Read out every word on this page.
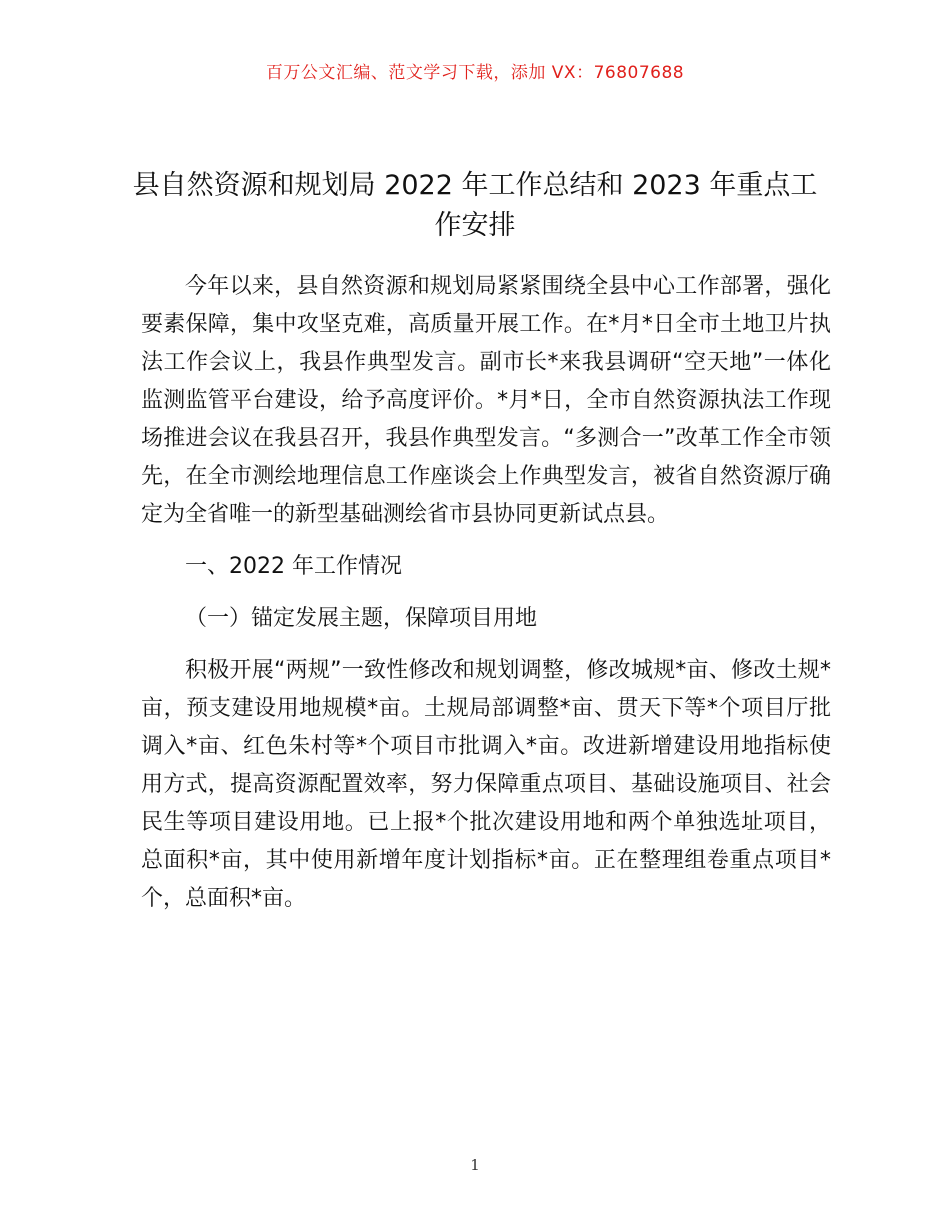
百万公文汇编、范文学习下载，添加 VX：76807688
县自然资源和规划局 2022 年工作总结和 2023 年重点工作安排

今年以来，县自然资源和规划局紧紧围绕全县中心工作部署，强化要素保障，集中攻坚克难，高质量开展工作。在*月*日全市土地卫片执法工作会议上，我县作典型发言。副市长*来我县调研“空天地”一体化监测监管平台建设，给予高度评价。*月*日，全市自然资源执法工作现场推进会议在我县召开，我县作典型发言。“多测合一”改革工作全市领先，在全市测绘地理信息工作座谈会上作典型发言，被省自然资源厅确定为全省唯一的新型基础测绘省市县协同更新试点县。

一、2022 年工作情况

（一）锚定发展主题，保障项目用地

积极开展“两规”一致性修改和规划调整，修改城规*亩、修改土规*亩，预支建设用地规模*亩。土规局部调整*亩、贯天下等*个项目厅批调入*亩、红色朱村等*个项目市批调入*亩。改进新增建设用地指标使用方式，提高资源配置效率，努力保障重点项目、基础设施项目、社会民生等项目建设用地。已上报*个批次建设用地和两个单独选址项目，总面积*亩，其中使用新增年度计划指标*亩。正在整理组卷重点项目*个，总面积*亩。

1
